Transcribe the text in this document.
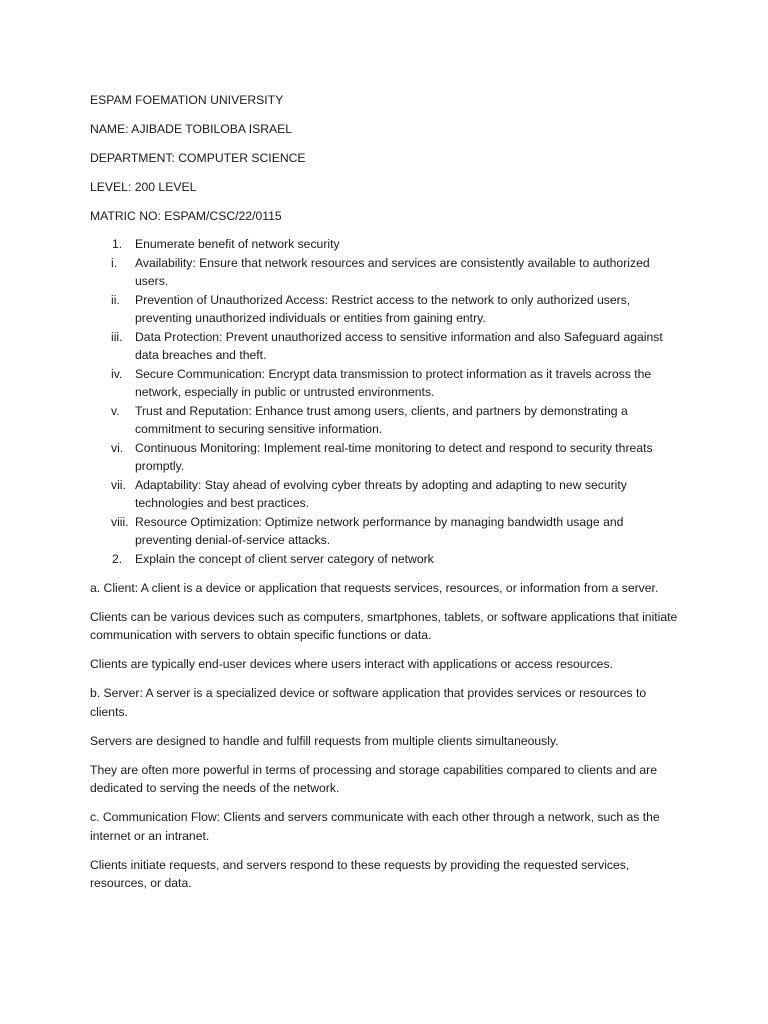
ESPAM FOEMATION UNIVERSITY
NAME: AJIBADE TOBILOBA ISRAEL
DEPARTMENT: COMPUTER SCIENCE
LEVEL: 200 LEVEL
MATRIC NO: ESPAM/CSC/22/0115
1.	Enumerate benefit of network security
i.	Availability: Ensure that network resources and services are consistently available to authorized users.
ii.	Prevention of Unauthorized Access: Restrict access to the network to only authorized users, preventing unauthorized individuals or entities from gaining entry.
iii.	Data Protection: Prevent unauthorized access to sensitive information and also Safeguard against data breaches and theft.
iv.	Secure Communication: Encrypt data transmission to protect information as it travels across the network, especially in public or untrusted environments.
v.	Trust and Reputation: Enhance trust among users, clients, and partners by demonstrating a commitment to securing sensitive information.
vi. Continuous Monitoring: Implement real-time monitoring to detect and respond to security threats promptly.
vii. Adaptability: Stay ahead of evolving cyber threats by adopting and adapting to new security technologies and best practices.
viii. Resource Optimization: Optimize network performance by managing bandwidth usage and preventing denial-of-service attacks.
2.	Explain the concept of client server category of network

a. Client: A client is a device or application that requests services, resources, or information from a server.

Clients can be various devices such as computers, smartphones, tablets, or software applications that initiate communication with servers to obtain specific functions or data.

Clients are typically end-user devices where users interact with applications or access resources.

b. Server: A server is a specialized device or software application that provides services or resources to clients.

Servers are designed to handle and fulfill requests from multiple clients simultaneously.

They are often more powerful in terms of processing and storage capabilities compared to clients and are dedicated to serving the needs of the network.

c. Communication Flow: Clients and servers communicate with each other through a network, such as the internet or an intranet.

Clients initiate requests, and servers respond to these requests by providing the requested services, resources, or data.
